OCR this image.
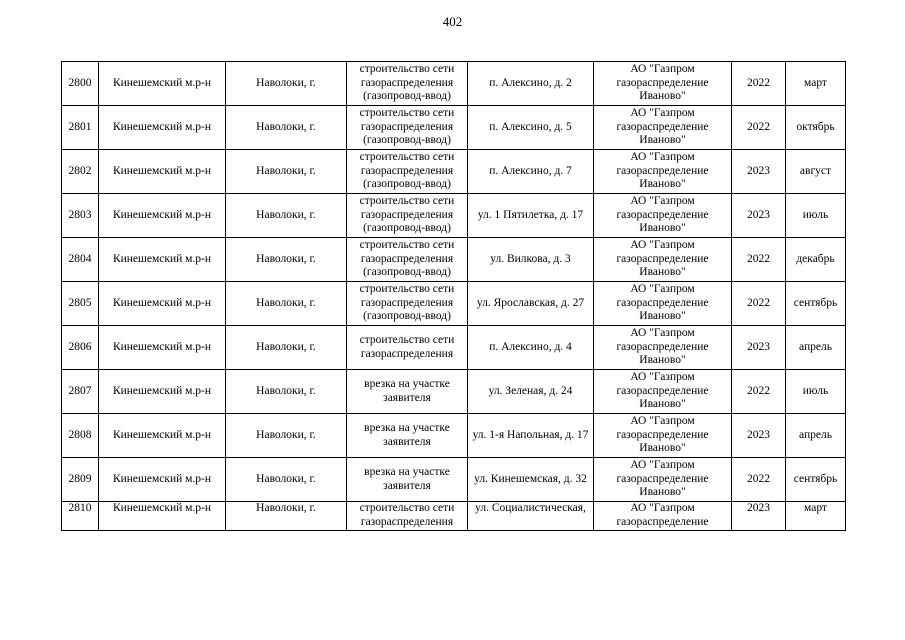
402
2800	Кинешемский м.р-н	Наволоки, г.	строительство сети газораспределения (газопровод-ввод)	п. Алексино, д. 2	АО "Газпром газораспределение Иваново"	2022	март
2801	Кинешемский м.р-н	Наволоки, г.	строительство сети газораспределения (газопровод-ввод)	п. Алексино, д. 5	АО "Газпром газораспределение Иваново"	2022	октябрь
2802	Кинешемский м.р-н	Наволоки, г.	строительство сети газораспределения (газопровод-ввод)	п. Алексино, д. 7	АО "Газпром газораспределение Иваново"	2023	август
2803	Кинешемский м.р-н	Наволоки, г.	строительство сети газораспределения (газопровод-ввод)	ул. 1 Пятилетка, д. 17	АО "Газпром газораспределение Иваново"	2023	июль
2804	Кинешемский м.р-н	Наволоки, г.	строительство сети газораспределения (газопровод-ввод)	ул. Вилкова, д. 3	АО "Газпром газораспределение Иваново"	2022	декабрь
2805	Кинешемский м.р-н	Наволоки, г.	строительство сети газораспределения (газопровод-ввод)	ул. Ярославская, д. 27	АО "Газпром газораспределение Иваново"	2022	сентябрь
2806	Кинешемский м.р-н	Наволоки, г.	строительство сети газораспределения	п. Алексино, д. 4	АО "Газпром газораспределение Иваново"	2023	апрель
2807	Кинешемский м.р-н	Наволоки, г.	врезка на участке заявителя	ул. Зеленая, д. 24	АО "Газпром газораспределение Иваново"	2022	июль
2808	Кинешемский м.р-н	Наволоки, г.	врезка на участке заявителя	ул. 1-я Напольная, д. 17	АО "Газпром газораспределение Иваново"	2023	апрель
2809	Кинешемский м.р-н	Наволоки, г.	врезка на участке заявителя	ул. Кинешемская, д. 32	АО "Газпром газораспределение Иваново"	2022	сентябрь
2810	Кинешемский м.р-н	Наволоки, г.	строительство сети газораспределения	ул. Социалистическая,	АО "Газпром газораспределение	2023	март
